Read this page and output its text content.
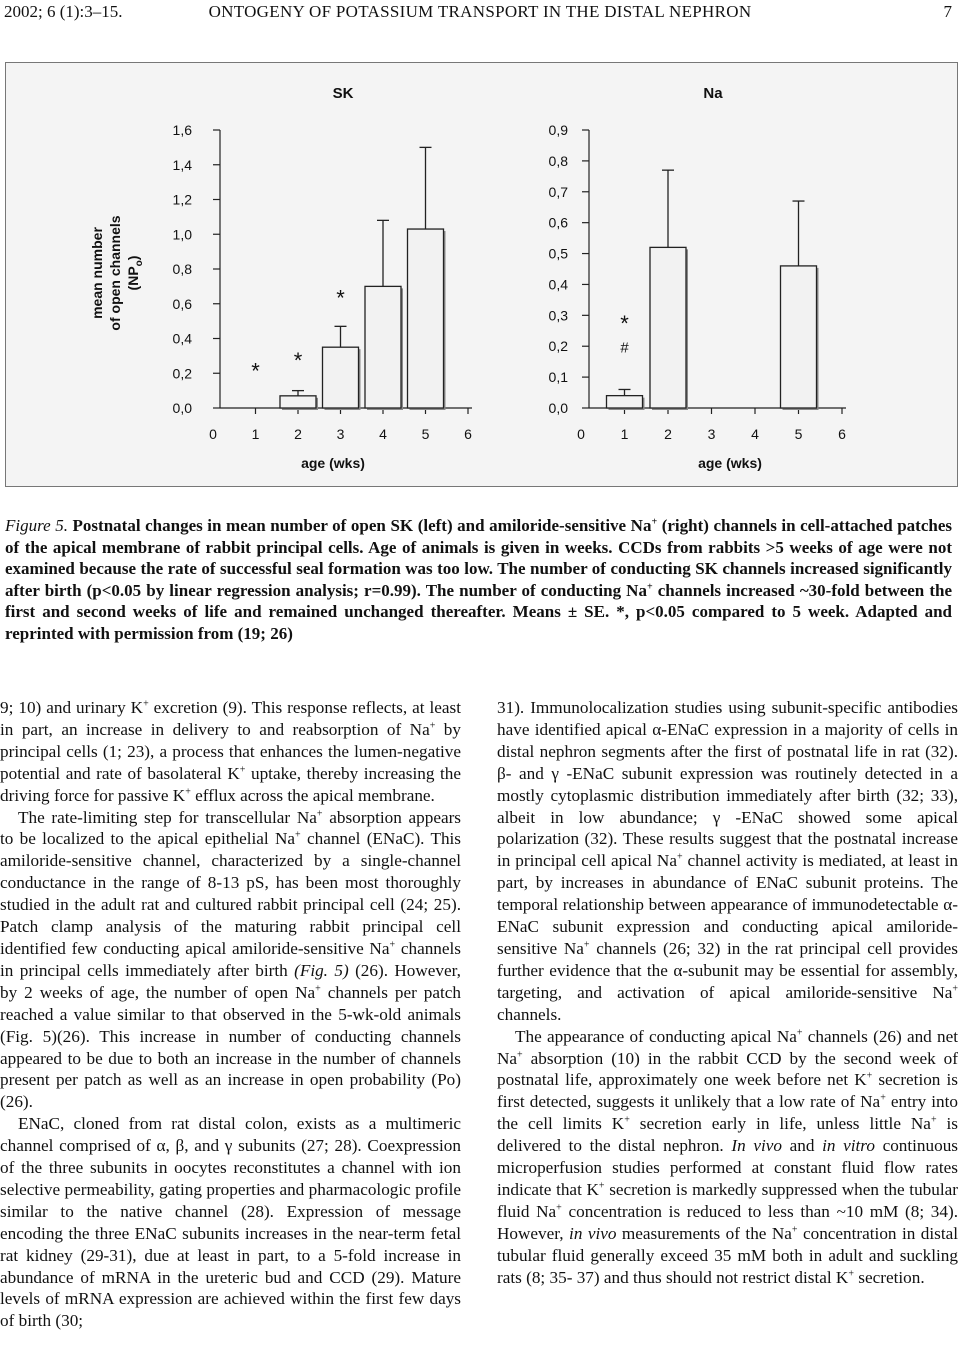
2002; 6 (1):3–15.	ONTOGENY OF POTASSIUM TRANSPORT IN THE DISTAL NEPHRON	7
SK
0,0
0,2
0,4
0,6
0,8
1,0
1,2
1,4
1,6
0 1 2 3 4 5 6
age (wks)
* *
*
Na
0,0
0,1
0,2
0,3
0,4
0,5
0,6
0,7
0,8
0,9
0	1	2	3	4	5	6
age (wks)
*
#
mean number of open channels $(NP_o)$
Figure 5. Postnatal changes in mean number of open SK (left) and amiloride-sensitive Na+ (right) channels in cell-attached patches of the apical membrane of rabbit principal cells. Age of animals is given in weeks. CCDs from rabbits >5 weeks of age were not examined because the rate of successful seal formation was too low. The number of conducting SK channels increased significantly after birth (p<0.05 by linear regression analysis; r=0.99). The number of conducting Na+ channels increased ~30-fold between the first and second weeks of life and remained unchanged thereafter. Means ± SE. *, p<0.05 compared to 5 week. Adapted and reprinted with permission from (19; 26)

9; 10) and urinary K+ excretion (9). This response reflects, at least in part, an increase in delivery to and reabsorption of Na+ by principal cells (1; 23), a process that enhances the lumen-negative potential and rate of basolateral K+ uptake, thereby increasing the driving force for passive K+ efflux across the apical membrane.

The rate-limiting step for transcellular Na+ absorption appears to be localized to the apical epithelial Na+ channel (ENaC). This amiloride-sensitive channel, characterized by a single-channel conductance in the range of 8-13 pS, has been most thoroughly studied in the adult rat and cultured rabbit principal cell (24; 25). Patch clamp analysis of the maturing rabbit principal cell identified few conducting apical amiloride-sensitive Na+ channels in principal cells immediately after birth (Fig. 5) (26). However, by 2 weeks of age, the number of open Na+ channels per patch reached a value similar to that observed in the 5-wk-old animals (Fig. 5)(26). This increase in number of conducting channels appeared to be due to both an increase in the number of channels present per patch as well as an increase in open probability (Po) (26).

ENaC, cloned from rat distal colon, exists as a multimeric channel comprised of α, β, and γ subunits (27; 28). Coexpression of the three subunits in oocytes reconstitutes a channel with ion selective permeability, gating properties and pharmacologic profile similar to the native channel (28). Expression of message encoding the three ENaC subunits increases in the near-term fetal rat kidney (29-31), due at least in part, to a 5-fold increase in abundance of mRNA in the ureteric bud and CCD (29). Mature levels of mRNA expression are achieved within the first few days of birth (30;

31). Immunolocalization studies using subunit-specific antibodies have identified apical α-ENaC expression in a majority of cells in distal nephron segments after the first of postnatal life in rat (32). β- and γ -ENaC subunit expression was routinely detected in a mostly cytoplasmic distribution immediately after birth (32; 33), albeit in low abundance; γ -ENaC showed some apical polarization (32). These results suggest that the postnatal increase in principal cell apical Na+ channel activity is mediated, at least in part, by increases in abundance of ENaC subunit proteins. The temporal relationship between appearance of immunodetectable α-ENaC subunit expression and conducting apical amiloride-sensitive Na+ channels (26; 32) in the rat principal cell provides further evidence that the α-subunit may be essential for assembly, targeting, and activation of apical amiloride-sensitive Na+ channels.

The appearance of conducting apical Na+ channels (26) and net Na+ absorption (10) in the rabbit CCD by the second week of postnatal life, approximately one week before net K+ secretion is first detected, suggests it unlikely that a low rate of Na+ entry into the cell limits K+ secretion early in life, unless little Na+ is delivered to the distal nephron. In vivo and in vitro continuous microperfusion studies performed at constant fluid flow rates indicate that K+ secretion is markedly suppressed when the tubular fluid Na+ concentration is reduced to less than ~10 mM (8; 34). However, in vivo measurements of the Na+ concentration in distal tubular fluid generally exceed 35 mM both in adult and suckling rats (8; 35- 37) and thus should not restrict distal K+ secretion.
